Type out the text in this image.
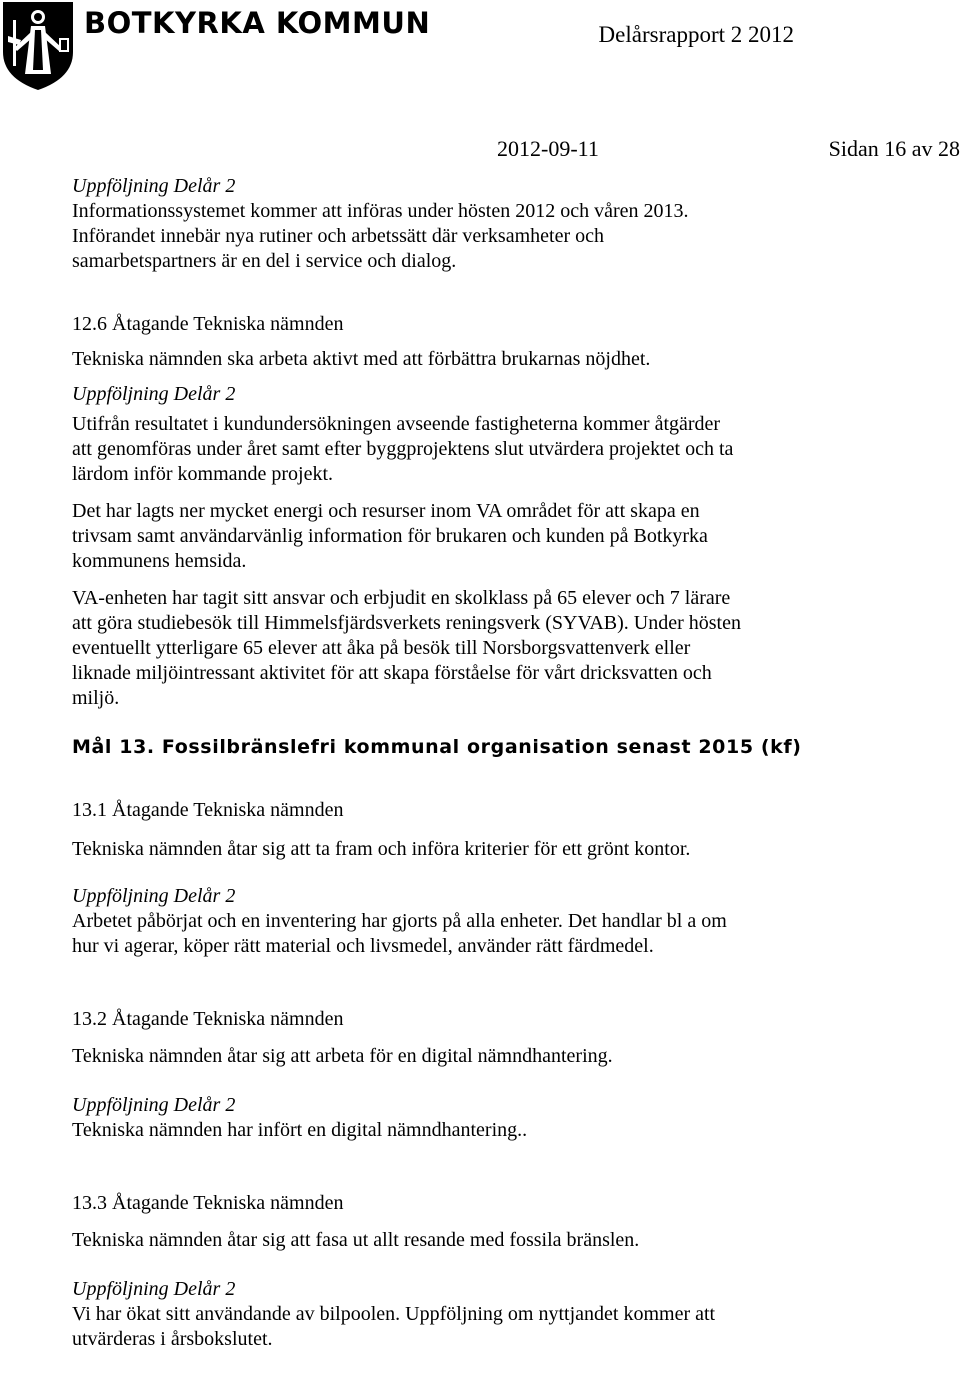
BOTKYRKA KOMMUN	Delårsrapport 2 2012
2012-09-11	Sidan 16 av 28

Uppföljning Delår 2

Informationssystemet kommer att införas under hösten 2012 och våren 2013.

Införandet innebär nya rutiner och arbetssätt där verksamheter och

samarbetspartners är en del i service och dialog.

12.6 Åtagande Tekniska nämnden

Tekniska nämnden ska arbeta aktivt med att förbättra brukarnas nöjdhet.

Uppföljning Delår 2

Utifrån resultatet i kundundersökningen avseende fastigheterna kommer åtgärder

att genomföras under året samt efter byggprojektens slut utvärdera projektet och ta

lärdom inför kommande projekt.

Det har lagts ner mycket energi och resurser inom VA området för att skapa en

trivsam samt användarvänlig information för brukaren och kunden på Botkyrka

kommunens hemsida.

VA-enheten har tagit sitt ansvar och erbjudit en skolklass på 65 elever och 7 lärare

att göra studiebesök till Himmelsfjärdsverkets reningsverk (SYVAB). Under hösten

eventuellt ytterligare 65 elever att åka på besök till Norsborgsvattenverk eller

liknade miljöintressant aktivitet för att skapa förståelse för vårt dricksvatten och

miljö.

Mål 13. Fossilbränslefri kommunal organisation senast 2015 (kf)

13.1 Åtagande Tekniska nämnden

Tekniska nämnden åtar sig att ta fram och införa kriterier för ett grönt kontor.

Uppföljning Delår 2

Arbetet påbörjat och en inventering har gjorts på alla enheter. Det handlar bl a om

hur vi agerar, köper rätt material och livsmedel, använder rätt färdmedel.

13.2 Åtagande Tekniska nämnden

Tekniska nämnden åtar sig att arbeta för en digital nämndhantering.

Uppföljning Delår 2

Tekniska nämnden har infört en digital nämndhantering..

13.3 Åtagande Tekniska nämnden

Tekniska nämnden åtar sig att fasa ut allt resande med fossila bränslen.

Uppföljning Delår 2

Vi har ökat sitt användande av bilpoolen. Uppföljning om nyttjandet kommer att

utvärderas i årsbokslutet.
